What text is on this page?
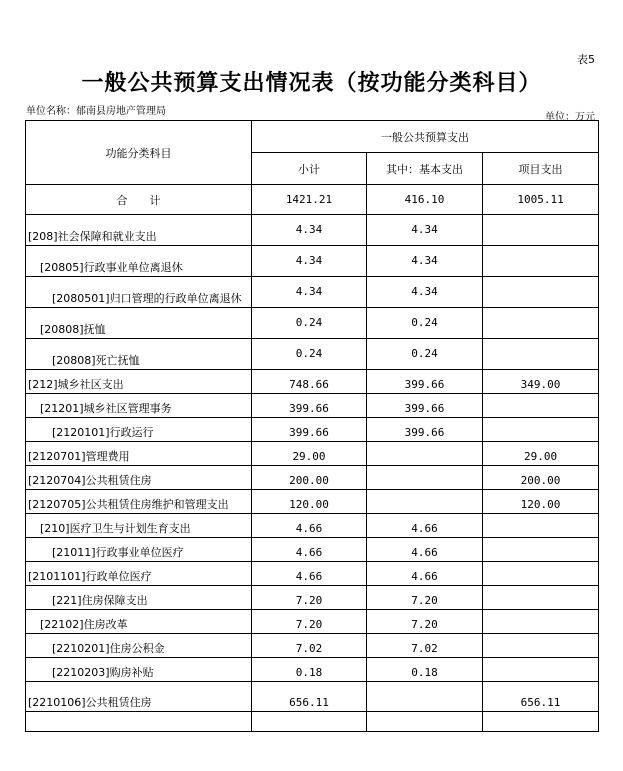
表5
一般公共预算支出情况表（按功能分类科目）
单位名称：郁南县房地产管理局
单位：万元
功能分类科目	一般公共预算支出		
	小计	其中：基本支出	项目支出
合　　计	1421.21	416.10	1005.11
[208]社会保障和就业支出	4.34	4.34	
[20805]行政事业单位离退休	4.34	4.34	
[2080501]归口管理的行政单位离退休	4.34	4.34	
[20808]抚恤	0.24	0.24	
[20808]死亡抚恤	0.24	0.24	
[212]城乡社区支出	748.66	399.66	349.00
[21201]城乡社区管理事务	399.66	399.66	
[2120101]行政运行	399.66	399.66	
[2120701]管理费用	29.00		29.00
[2120704]公共租赁住房	200.00		200.00
[2120705]公共租赁住房维护和管理支出	120.00		120.00
[210]医疗卫生与计划生育支出	4.66	4.66	
[21011]行政事业单位医疗	4.66	4.66	
[2101101]行政单位医疗	4.66	4.66	
[221]住房保障支出	7.20	7.20	
[22102]住房改革	7.20	7.20	
[2210201]住房公积金	7.02	7.02	
[2210203]购房补贴	0.18	0.18	
[2210106]公共租赁住房	656.11		656.11
